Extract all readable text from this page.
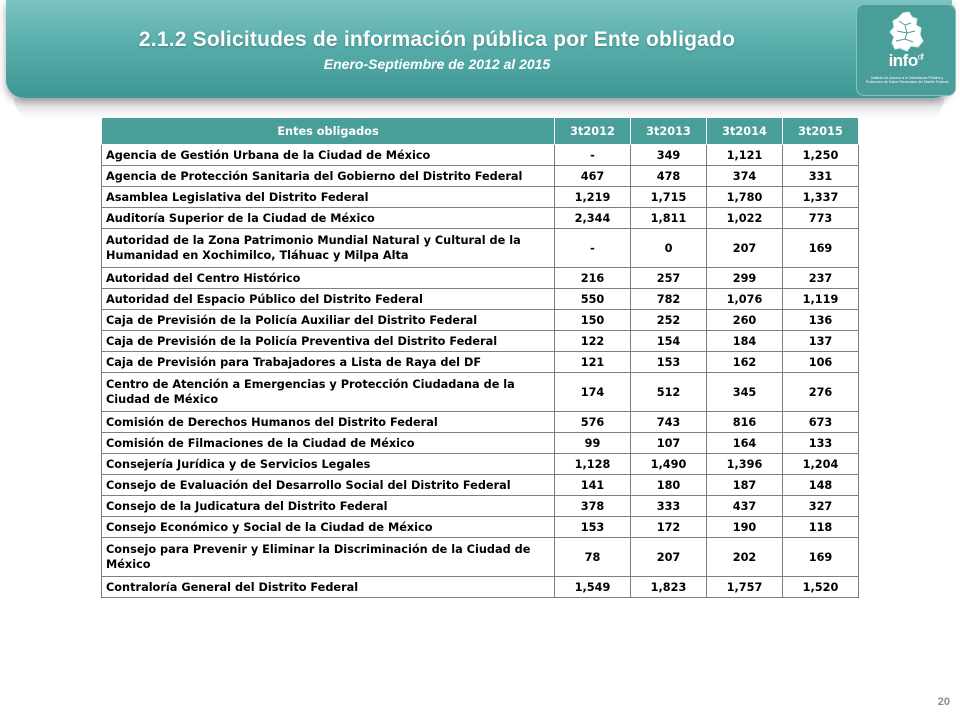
2.1.2 Solicitudes de información pública por Ente obligado
Enero-Septiembre de 2012 al 2015	info$^{df}$
Instituto de Acceso a la Información Pública y Protección de Datos Personales del Distrito Federal
Entes obligados	3t2012	3t2013	3t2014	3t2015
Agencia de Gestión Urbana de la Ciudad de México	-	349	1,121	1,250
Agencia de Protección Sanitaria del Gobierno del Distrito Federal	467	478	374	331
Asamblea Legislativa del Distrito Federal	1,219	1,715	1,780	1,337
Auditoría Superior de la Ciudad de México	2,344	1,811	1,022	773
Autoridad de la Zona Patrimonio Mundial Natural y Cultural de la Humanidad en Xochimilco, Tláhuac y Milpa Alta	-	0	207	169
Autoridad del Centro Histórico	216	257	299	237
Autoridad del Espacio Público del Distrito Federal	550	782	1,076	1,119
Caja de Previsión de la Policía Auxiliar del Distrito Federal	150	252	260	136
Caja de Previsión de la Policía Preventiva del Distrito Federal	122	154	184	137
Caja de Previsión para Trabajadores a Lista de Raya del DF	121	153	162	106
Centro de Atención a Emergencias y Protección Ciudadana de la Ciudad de México	174	512	345	276
Comisión de Derechos Humanos del Distrito Federal	576	743	816	673
Comisión de Filmaciones de la Ciudad de México	99	107	164	133
Consejería Jurídica y de Servicios Legales	1,128	1,490	1,396	1,204
Consejo de Evaluación del Desarrollo Social del Distrito Federal	141	180	187	148
Consejo de la Judicatura del Distrito Federal	378	333	437	327
Consejo Económico y Social de la Ciudad de México	153	172	190	118
Consejo para Prevenir y Eliminar la Discriminación de la Ciudad de México	78	207	202	169
Contraloría General del Distrito Federal	1,549	1,823	1,757	1,520
20
